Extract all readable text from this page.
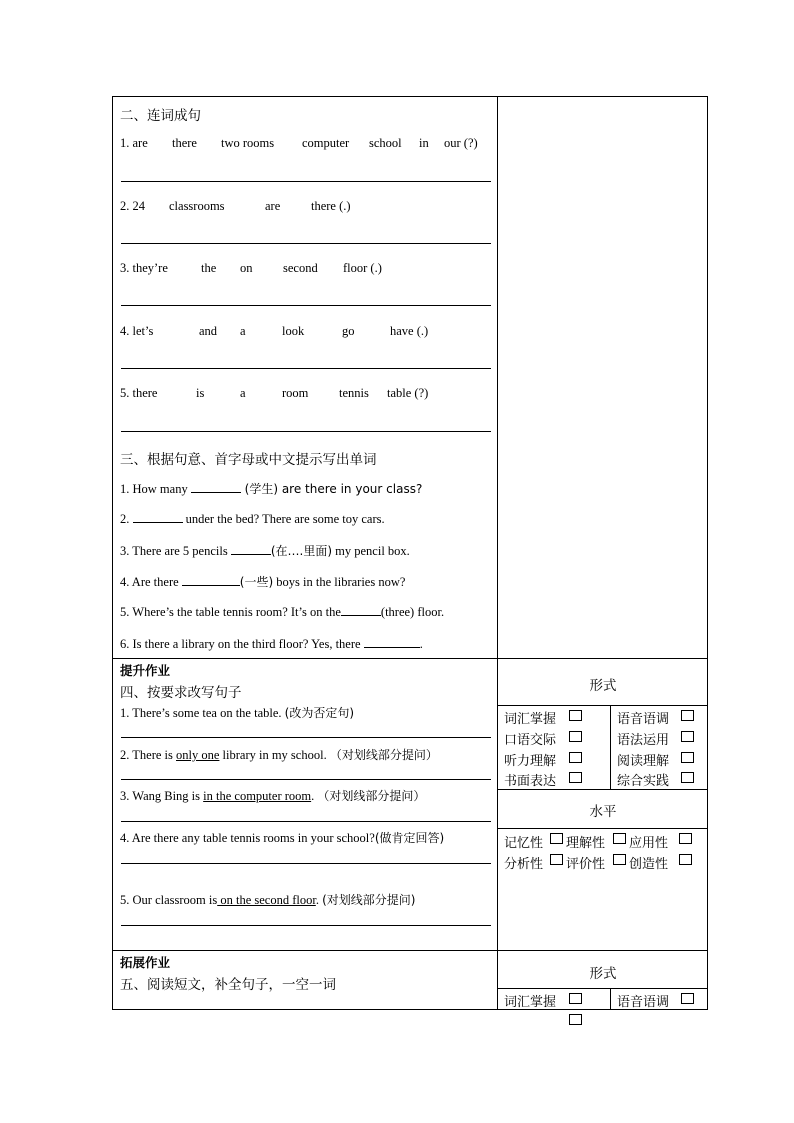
二、连词成句
1. are there two rooms computer school in our (?)
2. 24 classrooms	are there (.)
3. they’re	the on second floor (.)
4. let’s	and a	look	go	have (.)
5. there	is	a	room tennis table (?)
三、根据句意、首字母或中文提示写出单词
1. How many	(学生) are there in your class?
2.	under the bed? There are some toy cars.
3. There are 5 pencils	(在….里面) my pencil box.
4. Are there	(一些) boys in the libraries now?
5. Where’s the table tennis room? It’s on the	(three) floor.
6. Is there a library on the third floor? Yes, there	.
提升作业
四、按要求改写句子
1. There’s some tea on the table. (改为否定句)
2. There is only one library in my school. （对划线部分提问）
3. Wang Bing is in the computer room. （对划线部分提问）
4. Are there any table tennis rooms in your school?(做肯定回答)
5. Our classroom is on the second floor. (对划线部分提问)
拓展作业
五、阅读短文，补全句子，一空一词
形式
词汇掌握	语音语调
口语交际	语法运用
听力理解	阅读理解
书面表达	综合实践
水平
记忆性 理解性 应用性
分析性 评价性 创造性
形式
词汇掌握	语音语调
